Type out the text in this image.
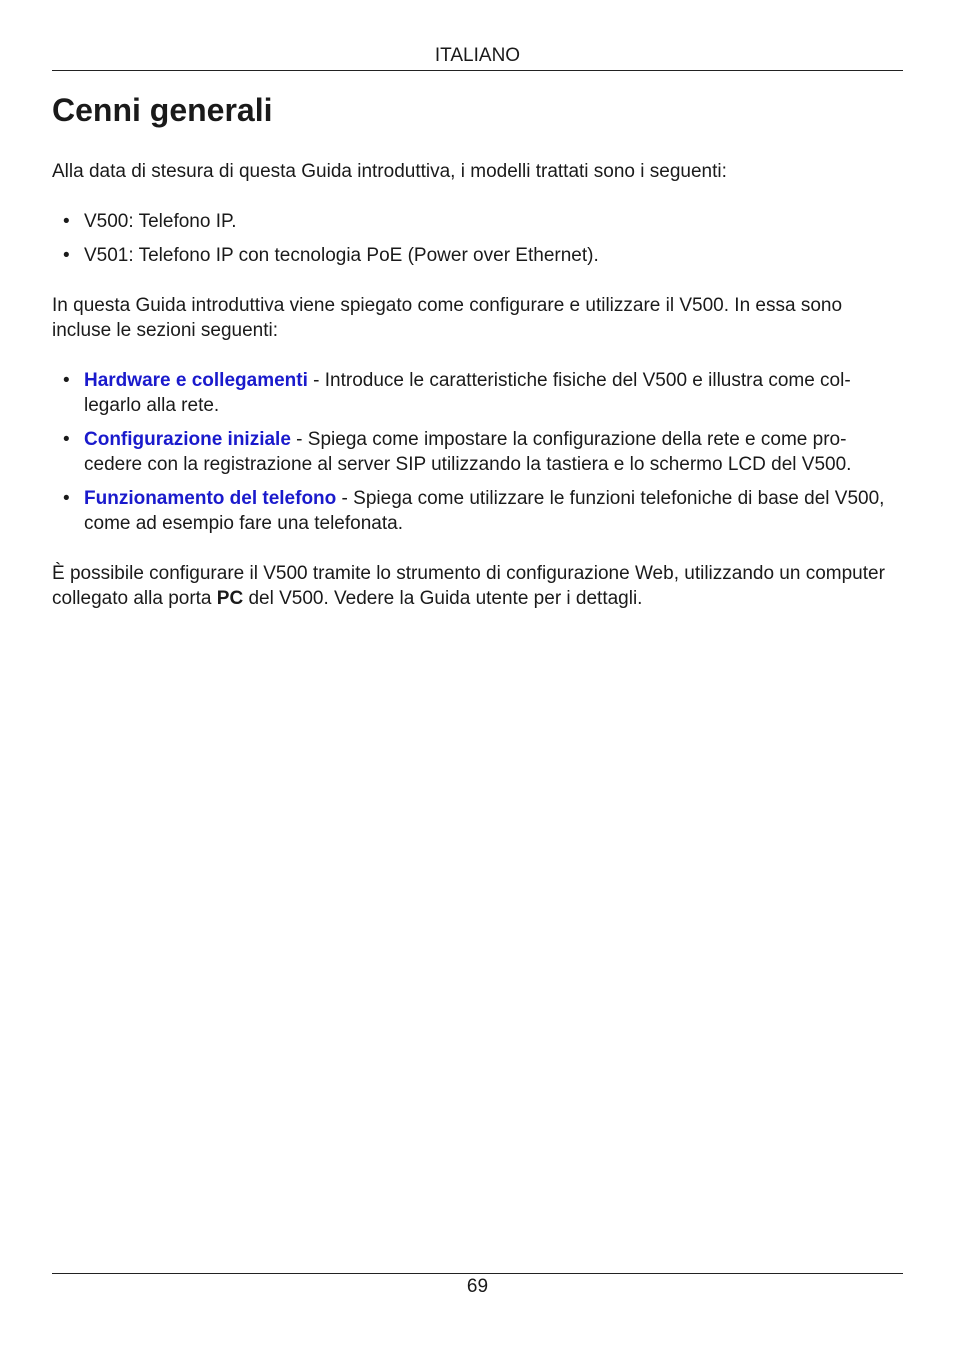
ITALIANO
Cenni generali

Alla data di stesura di questa Guida introduttiva, i modelli trattati sono i seguenti:

• V500: Telefono IP.
• V501: Telefono IP con tecnologia PoE (Power over Ethernet).

In questa Guida introduttiva viene spiegato come configurare e utilizzare il V500. In essa sono incluse le sezioni seguenti:

• Hardware e collegamenti - Introduce le caratteristiche fisiche del V500 e illustra come col-legarlo alla rete.
• Configurazione iniziale - Spiega come impostare la configurazione della rete e come pro-cedere con la registrazione al server SIP utilizzando la tastiera e lo schermo LCD del V500.
• Funzionamento del telefono - Spiega come utilizzare le funzioni telefoniche di base del V500, come ad esempio fare una telefonata.

È possibile configurare il V500 tramite lo strumento di configurazione Web, utilizzando un computer collegato alla porta PC del V500. Vedere la Guida utente per i dettagli.

69
